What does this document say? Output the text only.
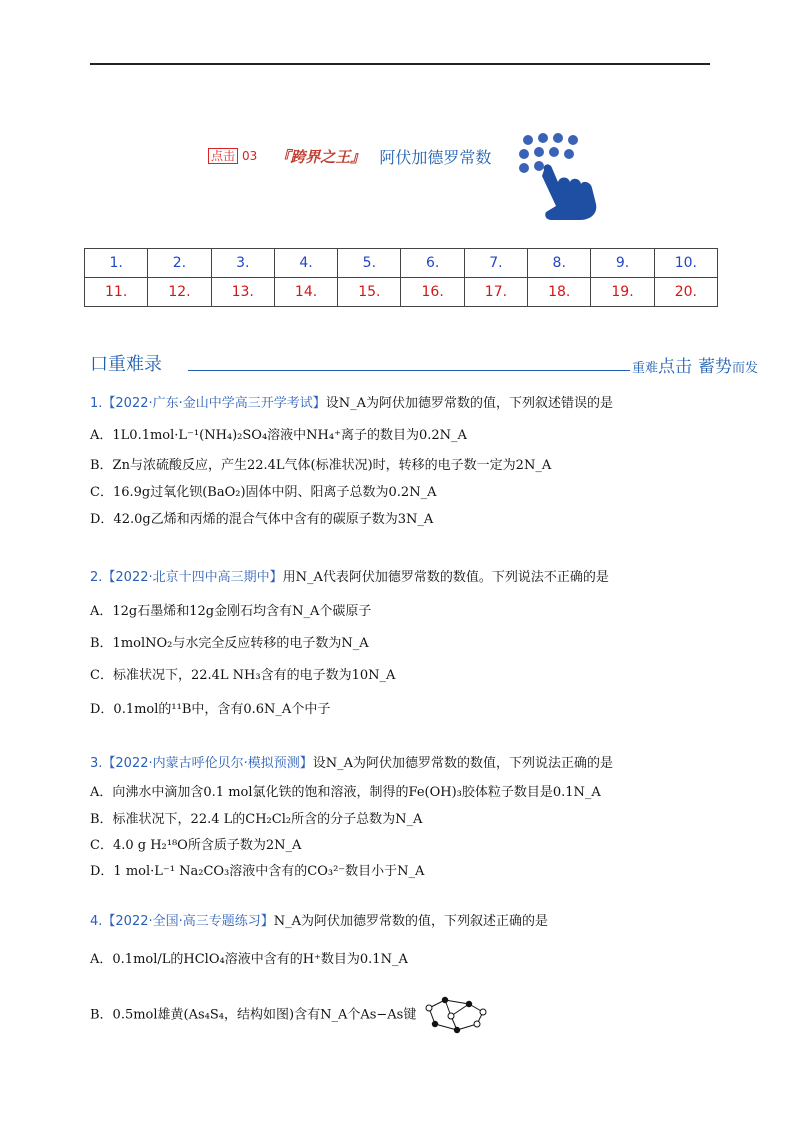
点击 03 『跨界之王』 阿伏加德罗常数
1.	2.	3.	4.	5.	6.	7.	8.	9.	10.
11.	12.	13.	14.	15.	16.	17.	18.	19.	20.
口重难录	重难点击 蓄势而发
1.【2022·广东·金山中学高三开学考试】设N_A为阿伏加德罗常数的值，下列叙述错误的是
A．1L0.1mol·L⁻¹(NH₄)₂SO₄溶液中NH₄⁺离子的数目为0.2N_A
B．Zn与浓硫酸反应，产生22.4L气体(标准状况)时，转移的电子数一定为2N_A
C．16.9g过氧化钡(BaO₂)固体中阴、阳离子总数为0.2N_A
D．42.0g乙烯和丙烯的混合气体中含有的碳原子数为3N_A
2.【2022·北京十四中高三期中】用N_A代表阿伏加德罗常数的数值。下列说法不正确的是
A．12g石墨烯和12g金刚石均含有N_A个碳原子
B．1molNO₂与水完全反应转移的电子数为N_A
C．标准状况下，22.4L NH₃含有的电子数为10N_A
D．0.1mol的¹¹B中，含有0.6N_A个中子
3.【2022·内蒙古呼伦贝尔·模拟预测】设N_A为阿伏加德罗常数的数值，下列说法正确的是
A．向沸水中滴加含0.1 mol氯化铁的饱和溶液，制得的Fe(OH)₃胶体粒子数目是0.1N_A
B．标准状况下，22.4 L的CH₂Cl₂所含的分子总数为N_A
C．4.0 g H₂¹⁸O所含质子数为2N_A
D．1 mol·L⁻¹ Na₂CO₃溶液中含有的CO₃²⁻数目小于N_A
4.【2022·全国·高三专题练习】N_A为阿伏加德罗常数的值，下列叙述正确的是
A．0.1mol/L的HClO₄溶液中含有的H⁺数目为0.1N_A
B．0.5mol雄黄(As₄S₄，结构如图)含有N_A个As−As键
